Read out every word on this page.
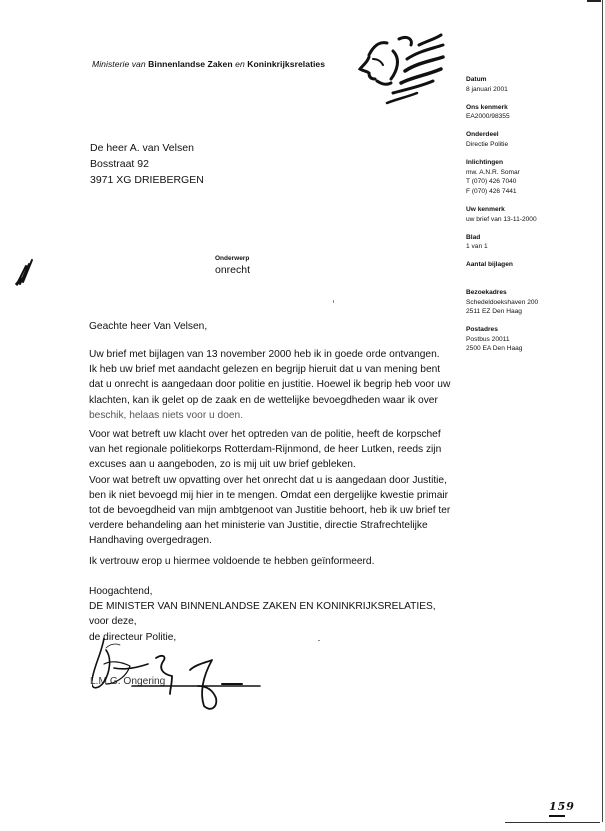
Ministerie van Binnenlandse Zaken en Koninkrijksrelaties
Datum
8 januari 2001
Ons kenmerk
EA2000/98355
Onderdeel
Directie Politie
Inlichtingen
mw. A.N.R. Somar
T (070) 426 7040
F (070) 426 7441
Uw kenmerk
uw brief van 13-11-2000
Blad
1 van 1
Aantal bijlagen
Bezoekadres
Schedeldoekshaven 200
2511 EZ Den Haag
Postadres
Postbus 20011
2500 EA Den Haag
De heer A. van Velsen
Bosstraat 92
3971 XG DRIEBERGEN
Onderwerp
onrecht
Geachte heer Van Velsen,
Uw brief met bijlagen van 13 november 2000 heb ik in goede orde ontvangen.
Ik heb uw brief met aandacht gelezen en begrijp hieruit dat u van mening bent
dat u onrecht is aangedaan door politie en justitie. Hoewel ik begrip heb voor uw
klachten, kan ik gelet op de zaak en de wettelijke bevoegdheden waar ik over
beschik, helaas niets voor u doen.
Voor wat betreft uw klacht over het optreden van de politie, heeft de korpschef
van het regionale politiekorps Rotterdam-Rijnmond, de heer Lutken, reeds zijn
excuses aan u aangeboden, zo is mij uit uw brief gebleken.
Voor wat betreft uw opvatting over het onrecht dat u is aangedaan door Justitie,
ben ik niet bevoegd mij hier in te mengen. Omdat een dergelijke kwestie primair
tot de bevoegdheid van mijn ambtgenoot van Justitie behoort, heb ik uw brief ter
verdere behandeling aan het ministerie van Justitie, directie Strafrechtelijke
Handhaving overgedragen.
Ik vertrouw erop u hiermee voldoende te hebben geïnformeerd.
Hoogachtend,
DE MINISTER VAN BINNENLANDSE ZAKEN EN KONINKRIJKSRELATIES,
voor deze,
de directeur Politie,
L.M.G. Ongering
159
